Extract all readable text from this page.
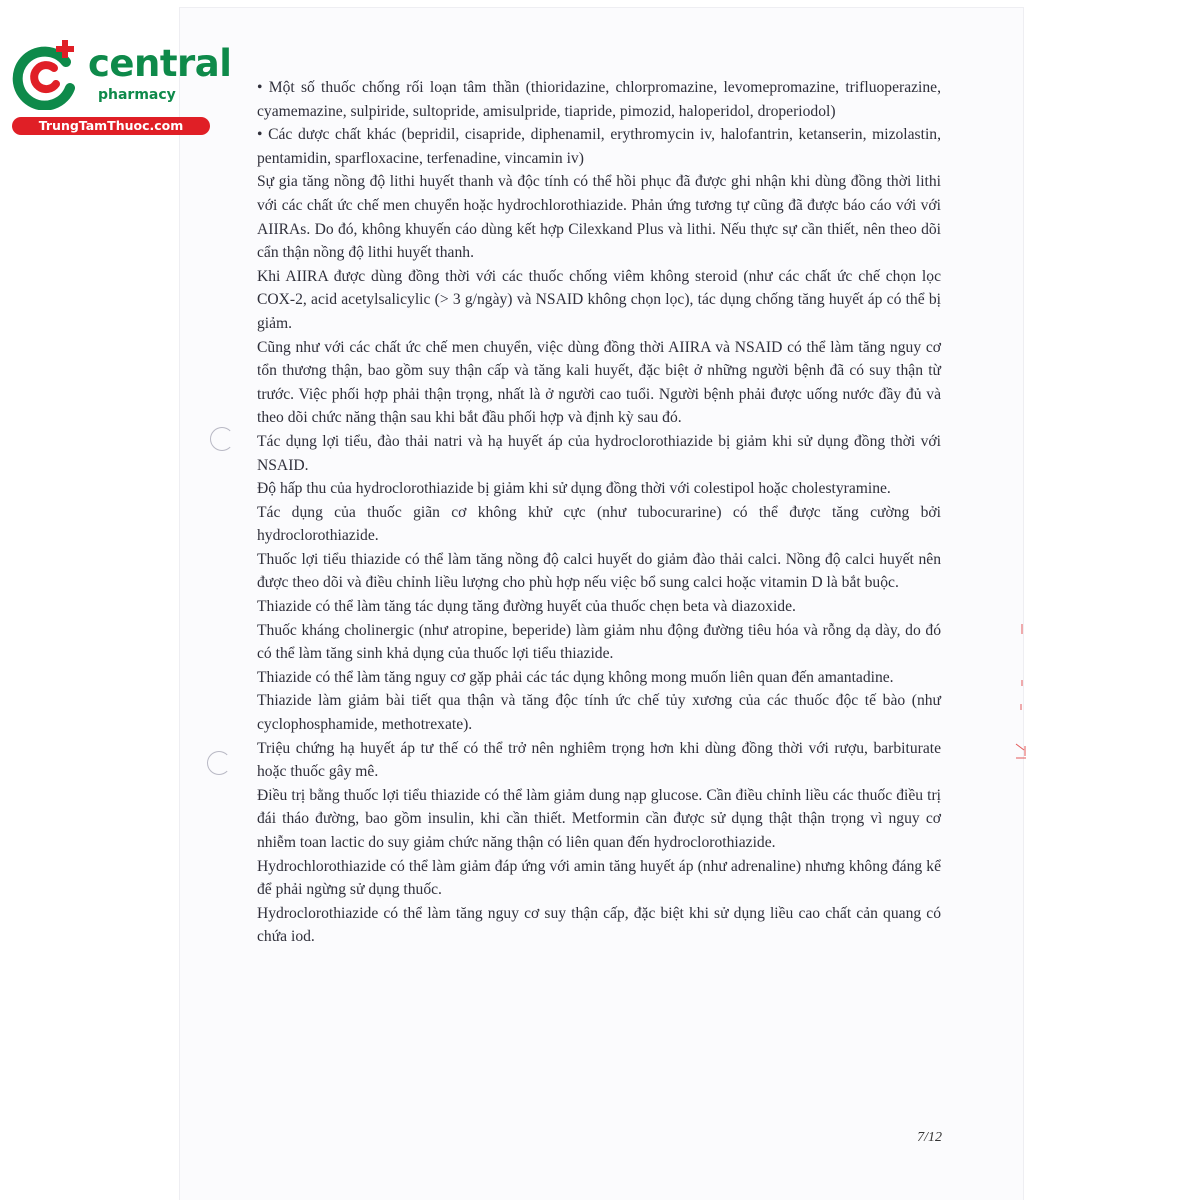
central
pharmacy
TrungTamThuoc.com

• Một số thuốc chống rối loạn tâm thần (thioridazine, chlorpromazine, levomepromazine, trifluoperazine, cyamemazine, sulpiride, sultopride, amisulpride, tiapride, pimozid, haloperidol, droperiodol)

• Các dược chất khác (bepridil, cisapride, diphenamil, erythromycin iv, halofantrin, ketanserin, mizolastin, pentamidin, sparfloxacine, terfenadine, vincamin iv)

Sự gia tăng nồng độ lithi huyết thanh và độc tính có thể hồi phục đã được ghi nhận khi dùng đồng thời lithi với các chất ức chế men chuyển hoặc hydrochlorothiazide. Phản ứng tương tự cũng đã được báo cáo với với AIIRAs. Do đó, không khuyến cáo dùng kết hợp Cilexkand Plus và lithi. Nếu thực sự cần thiết, nên theo dõi cẩn thận nồng độ lithi huyết thanh.

Khi AIIRA được dùng đồng thời với các thuốc chống viêm không steroid (như các chất ức chế chọn lọc COX-2, acid acetylsalicylic (> 3 g/ngày) và NSAID không chọn lọc), tác dụng chống tăng huyết áp có thể bị giảm.

Cũng như với các chất ức chế men chuyển, việc dùng đồng thời AIIRA và NSAID có thể làm tăng nguy cơ tổn thương thận, bao gồm suy thận cấp và tăng kali huyết, đặc biệt ở những người bệnh đã có suy thận từ trước. Việc phối hợp phải thận trọng, nhất là ở người cao tuổi. Người bệnh phải được uống nước đầy đủ và theo dõi chức năng thận sau khi bắt đầu phối hợp và định kỳ sau đó.

Tác dụng lợi tiểu, đào thải natri và hạ huyết áp của hydroclorothiazide bị giảm khi sử dụng đồng thời với NSAID.

Độ hấp thu của hydroclorothiazide bị giảm khi sử dụng đồng thời với colestipol hoặc cholestyramine.

Tác dụng của thuốc giãn cơ không khử cực (như tubocurarine) có thể được tăng cường bởi hydroclorothiazide.

Thuốc lợi tiểu thiazide có thể làm tăng nồng độ calci huyết do giảm đào thải calci. Nồng độ calci huyết nên được theo dõi và điều chỉnh liều lượng cho phù hợp nếu việc bổ sung calci hoặc vitamin D là bắt buộc.

Thiazide có thể làm tăng tác dụng tăng đường huyết của thuốc chẹn beta và diazoxide.

Thuốc kháng cholinergic (như atropine, beperide) làm giảm nhu động đường tiêu hóa và rỗng dạ dày, do đó có thể làm tăng sinh khả dụng của thuốc lợi tiểu thiazide.

Thiazide có thể làm tăng nguy cơ gặp phải các tác dụng không mong muốn liên quan đến amantadine.

Thiazide làm giảm bài tiết qua thận và tăng độc tính ức chế tủy xương của các thuốc độc tế bào (như cyclophosphamide, methotrexate).

Triệu chứng hạ huyết áp tư thế có thể trở nên nghiêm trọng hơn khi dùng đồng thời với rượu, barbiturate hoặc thuốc gây mê.

Điều trị bằng thuốc lợi tiểu thiazide có thể làm giảm dung nạp glucose. Cần điều chỉnh liều các thuốc điều trị đái tháo đường, bao gồm insulin, khi cần thiết. Metformin cần được sử dụng thật thận trọng vì nguy cơ nhiễm toan lactic do suy giảm chức năng thận có liên quan đến hydroclorothiazide.

Hydrochlorothiazide có thể làm giảm đáp ứng với amin tăng huyết áp (như adrenaline) nhưng không đáng kể để phải ngừng sử dụng thuốc.

Hydroclorothiazide có thể làm tăng nguy cơ suy thận cấp, đặc biệt khi sử dụng liều cao chất cản quang có chứa iod.

7/12
